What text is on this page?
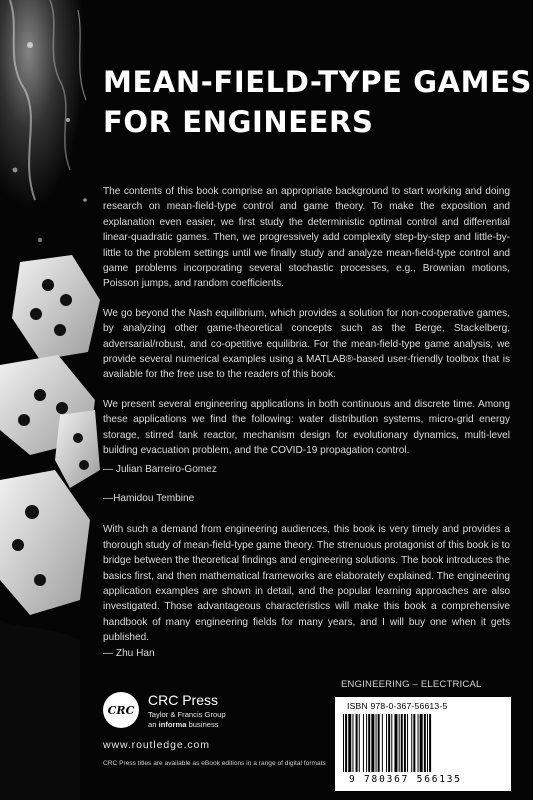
MEAN-FIELD-TYPE GAMES
FOR ENGINEERS

The contents of this book comprise an appropriate background to start working and doing research on mean-field-type control and game theory. To make the exposition and explanation even easier, we first study the deterministic optimal control and differential linear-quadratic games. Then, we progressively add complexity step-by-step and little-by-little to the problem settings until we finally study and analyze mean-field-type control and game problems incorporating several stochastic processes, e.g., Brownian motions, Poisson jumps, and random coefficients.

We go beyond the Nash equilibrium, which provides a solution for non-cooperative games, by analyzing other game-theoretical concepts such as the Berge, Stackelberg, adversarial/robust, and co-opetitive equilibria. For the mean-field-type game analysis, we provide several numerical examples using a MATLAB®-based user-friendly toolbox that is available for the free use to the readers of this book.

We present several engineering applications in both continuous and discrete time. Among these applications we find the following: water distribution systems, micro-grid energy storage, stirred tank reactor, mechanism design for evolutionary dynamics, multi-level building evacuation problem, and the COVID-19 propagation control.

— Julian Barreiro-Gomez

—Hamidou Tembine

With such a demand from engineering audiences, this book is very timely and provides a thorough study of mean-field-type game theory. The strenuous protagonist of this book is to bridge between the theoretical findings and engineering solutions. The book introduces the basics first, and then mathematical frameworks are elaborately explained. The engineering application examples are shown in detail, and the popular learning approaches are also investigated. Those advantageous characteristics will make this book a comprehensive handbook of many engineering fields for many years, and I will buy one when it gets published.

— Zhu Han

ENGINEERING – ELECTRICAL
CRC
CRC Press
Taylor & Francis Group
an informa business
www.routledge.com
CRC Press titles are available as eBook editions in a range of digital formats
ISBN 978-0-367-56613-5
9 780367 566135
